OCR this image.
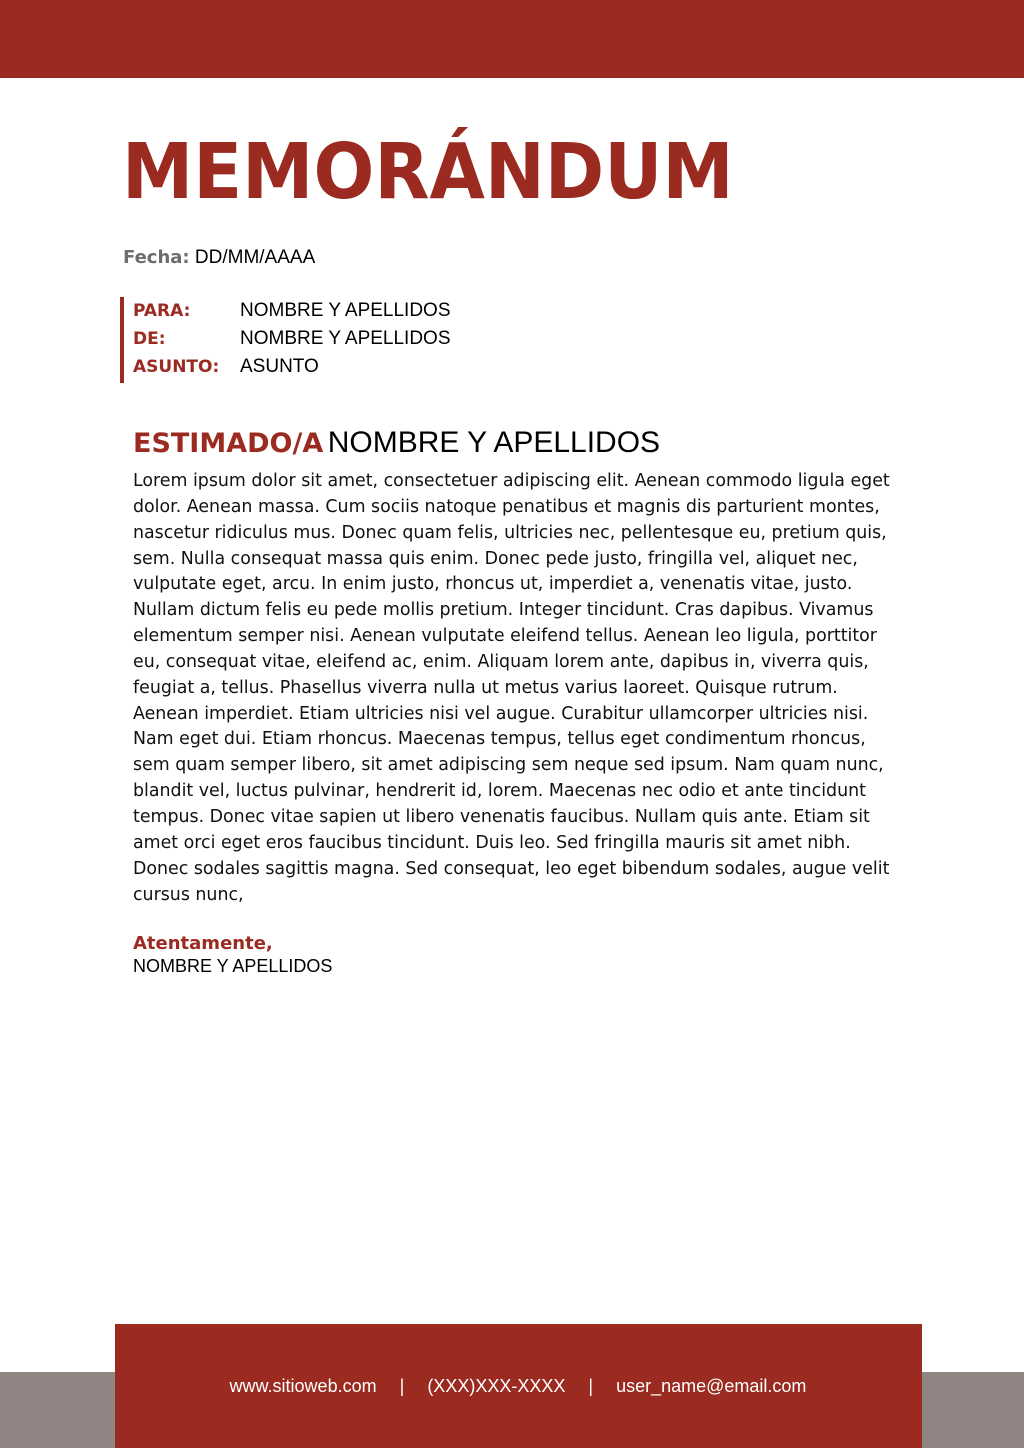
MEMORÁNDUM
Fecha: DD/MM/AAAA
PARA:	NOMBRE Y APELLIDOS
DE:	NOMBRE Y APELLIDOS
ASUNTO: ASUNTO
ESTIMADO/A NOMBRE Y APELLIDOS

Lorem ipsum dolor sit amet, consectetuer adipiscing elit. Aenean commodo ligula eget dolor. Aenean massa. Cum sociis natoque penatibus et magnis dis parturient montes, nascetur ridiculus mus. Donec quam felis, ultricies nec, pellentesque eu, pretium quis, sem. Nulla consequat massa quis enim. Donec pede justo, fringilla vel, aliquet nec, vulputate eget, arcu. In enim justo, rhoncus ut, imperdiet a, venenatis vitae, justo. Nullam dictum felis eu pede mollis pretium. Integer tincidunt. Cras dapibus. Vivamus elementum semper nisi. Aenean vulputate eleifend tellus. Aenean leo ligula, porttitor eu, consequat vitae, eleifend ac, enim. Aliquam lorem ante, dapibus in, viverra quis, feugiat a, tellus. Phasellus viverra nulla ut metus varius laoreet. Quisque rutrum. Aenean imperdiet. Etiam ultricies nisi vel augue. Curabitur ullamcorper ultricies nisi. Nam eget dui. Etiam rhoncus. Maecenas tempus, tellus eget condimentum rhoncus, sem quam semper libero, sit amet adipiscing sem neque sed ipsum. Nam quam nunc, blandit vel, luctus pulvinar, hendrerit id, lorem. Maecenas nec odio et ante tincidunt tempus. Donec vitae sapien ut libero venenatis faucibus. Nullam quis ante. Etiam sit amet orci eget eros faucibus tincidunt. Duis leo. Sed fringilla mauris sit amet nibh. Donec sodales sagittis magna. Sed consequat, leo eget bibendum sodales, augue velit cursus nunc,

Atentamente,
NOMBRE Y APELLIDOS
www.sitioweb.com | (XXX)XXX-XXXX | user_name@email.com
